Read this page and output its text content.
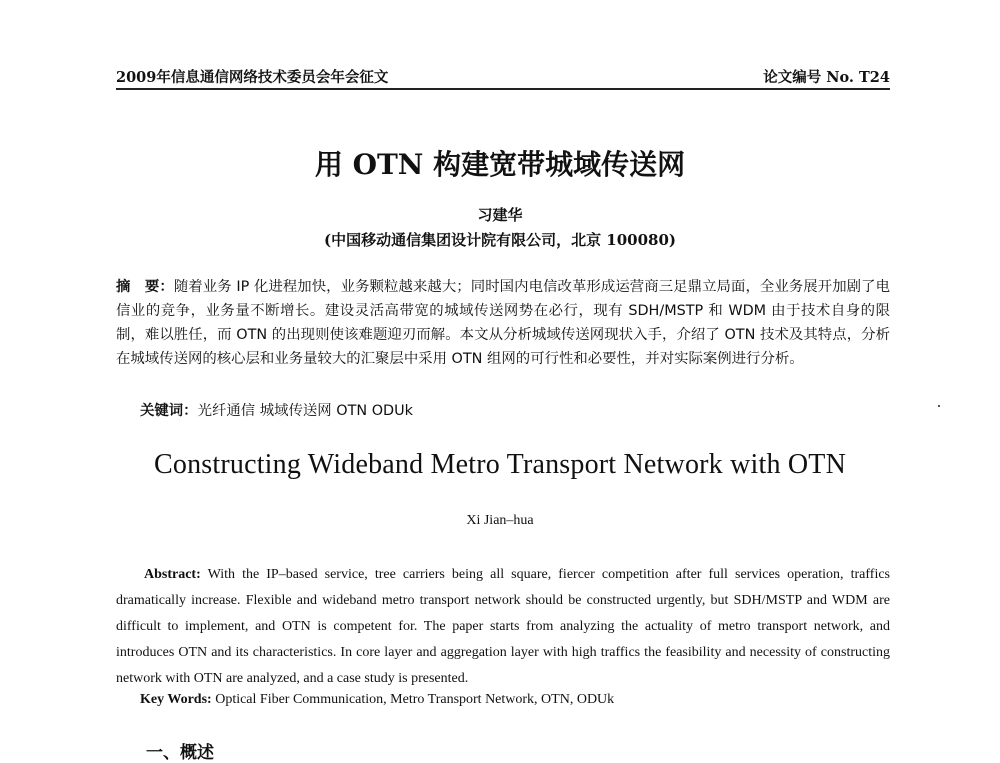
2009年信息通信网络技术委员会年会征文	论文编号 No. T24
用 OTN 构建宽带城域传送网
习建华
(中国移动通信集团设计院有限公司，北京 100080)
摘　要：随着业务 IP 化进程加快，业务颗粒越来越大；同时国内电信改革形成运营商三足鼎立局面，全业务展开加剧了电信业的竞争，业务量不断增长。建设灵活高带宽的城域传送网势在必行，现有 SDH/MSTP 和 WDM 由于技术自身的限制，难以胜任，而 OTN 的出现则使该难题迎刃而解。本文从分析城域传送网现状入手，介绍了 OTN 技术及其特点，分析在城域传送网的核心层和业务量较大的汇聚层中采用 OTN 组网的可行性和必要性，并对实际案例进行分析。
关键词：光纤通信 城域传送网 OTN ODUk
Constructing Wideband Metro Transport Network with OTN
Xi Jian–hua
Abstract: With the IP–based service, tree carriers being all square, fiercer competition after full services operation, traffics dramatically increase. Flexible and wideband metro transport network should be constructed urgently, but SDH/MSTP and WDM are difficult to implement, and OTN is competent for. The paper starts from analyzing the actuality of metro transport network, and introduces OTN and its characteristics. In core layer and aggregation layer with high traffics the feasibility and necessity of constructing network with OTN are analyzed, and a case study is presented.
Key Words: Optical Fiber Communication, Metro Transport Network, OTN, ODUk
一、概述
